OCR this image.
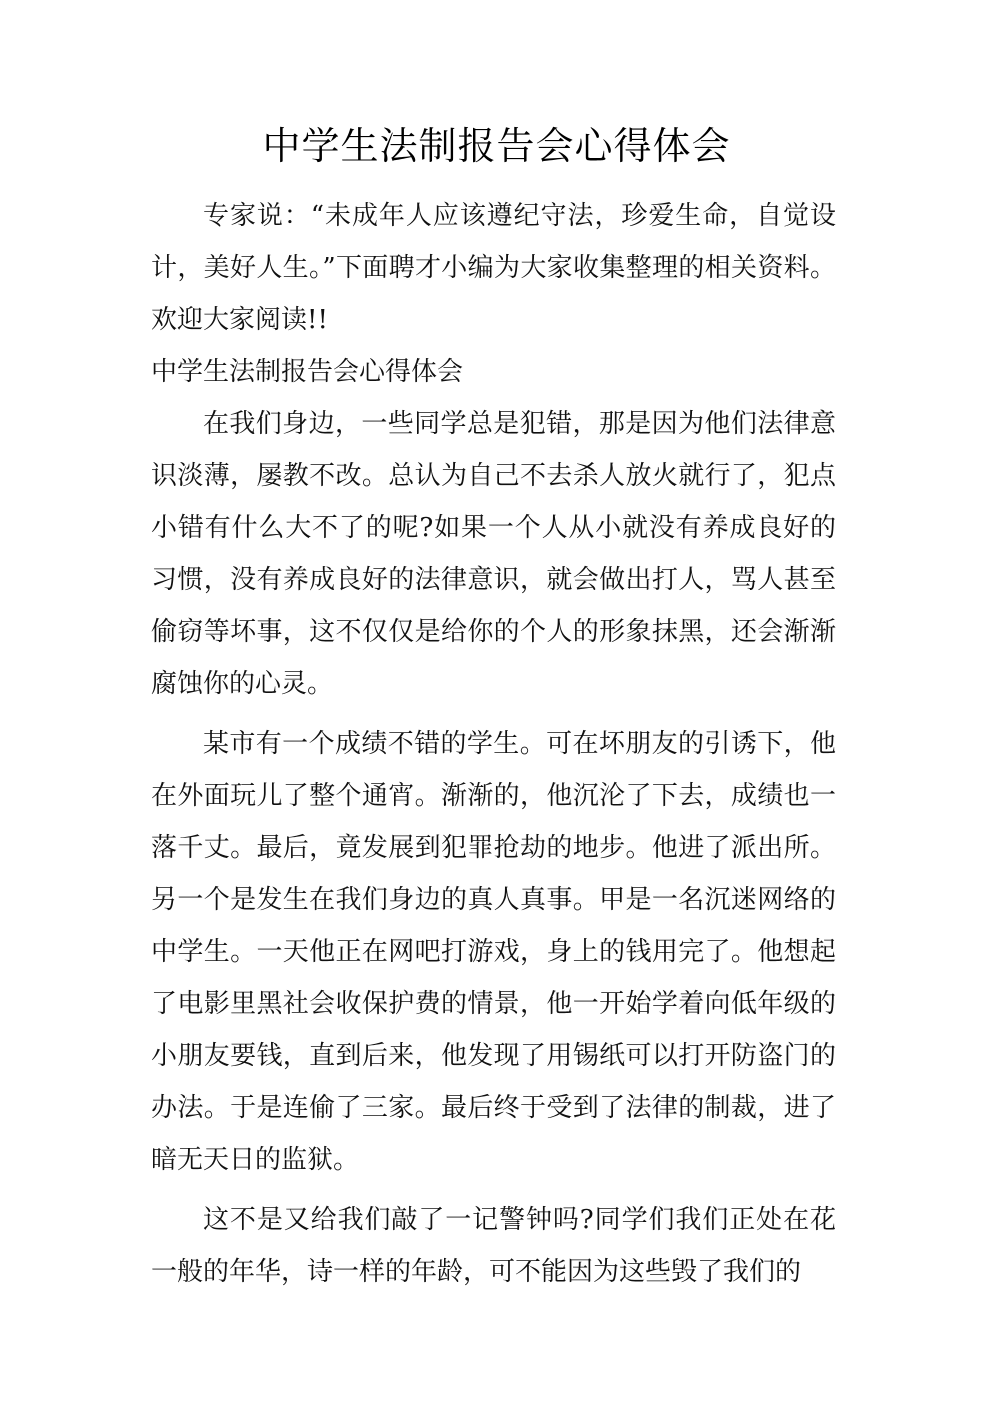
中学生法制报告会心得体会

专家说：“未成年人应该遵纪守法，珍爱生命，自觉设计，美好人生。”下面聘才小编为大家收集整理的相关资料。欢迎大家阅读!!

中学生法制报告会心得体会

在我们身边，一些同学总是犯错，那是因为他们法律意识淡薄，屡教不改。总认为自己不去杀人放火就行了，犯点小错有什么大不了的呢?如果一个人从小就没有养成良好的习惯，没有养成良好的法律意识，就会做出打人，骂人甚至偷窃等坏事，这不仅仅是给你的个人的形象抹黑，还会渐渐腐蚀你的心灵。

某市有一个成绩不错的学生。可在坏朋友的引诱下，他在外面玩儿了整个通宵。渐渐的，他沉沦了下去，成绩也一落千丈。最后，竟发展到犯罪抢劫的地步。他进了派出所。另一个是发生在我们身边的真人真事。甲是一名沉迷网络的中学生。一天他正在网吧打游戏，身上的钱用完了。他想起了电影里黑社会收保护费的情景，他一开始学着向低年级的小朋友要钱，直到后来，他发现了用锡纸可以打开防盗门的办法。于是连偷了三家。最后终于受到了法律的制裁，进了暗无天日的监狱。

这不是又给我们敲了一记警钟吗?同学们我们正处在花一般的年华，诗一样的年龄，可不能因为这些毁了我们的
